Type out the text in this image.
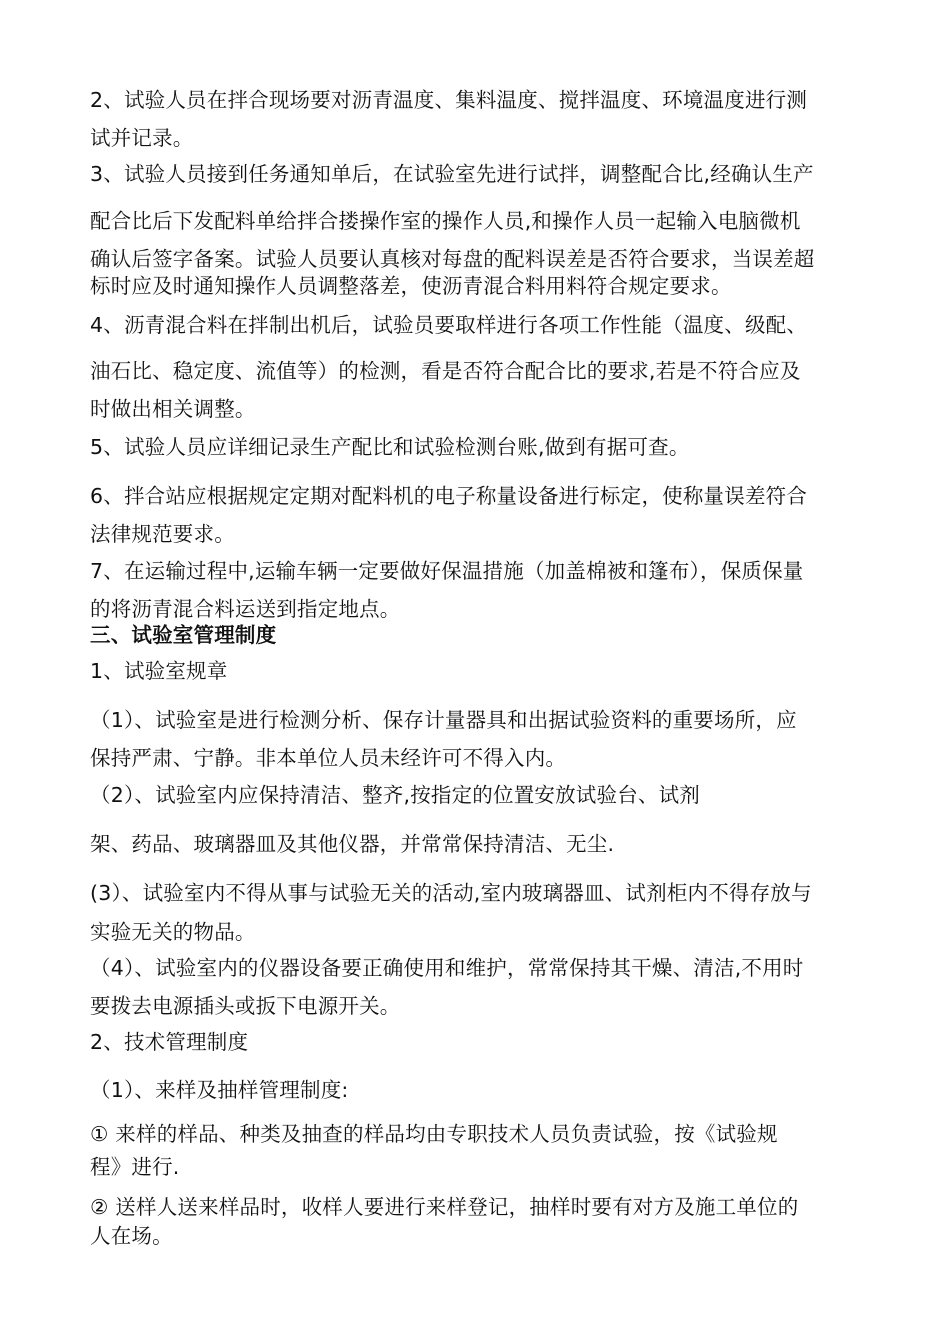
2、试验人员在拌合现场要对沥青温度、集料温度、搅拌温度、环境温度进行测
试并记录。
3、试验人员接到任务通知单后，在试验室先进行试拌，调整配合比,经确认生产
配合比后下发配料单给拌合搂操作室的操作人员,和操作人员一起输入电脑微机
确认后签字备案。试验人员要认真核对每盘的配料误差是否符合要求，当误差超
标时应及时通知操作人员调整落差，使沥青混合料用料符合规定要求。
4、沥青混合料在拌制出机后，试验员要取样进行各项工作性能（温度、级配、
油石比、稳定度、流值等）的检测，看是否符合配合比的要求,若是不符合应及
时做出相关调整。
5、试验人员应详细记录生产配比和试验检测台账,做到有据可查。
6、拌合站应根据规定定期对配料机的电子称量设备进行标定，使称量误差符合
法律规范要求。
7、在运输过程中,运输车辆一定要做好保温措施（加盖棉被和篷布），保质保量
的将沥青混合料运送到指定地点。
三、试验室管理制度
1、试验室规章
（1）、试验室是进行检测分析、保存计量器具和出据试验资料的重要场所，应
保持严肃、宁静。非本单位人员未经许可不得入内。
（2）、试验室内应保持清洁、整齐,按指定的位置安放试验台、试剂
架、药品、玻璃器皿及其他仪器，并常常保持清洁、无尘.
(3）、试验室内不得从事与试验无关的活动,室内玻璃器皿、试剂柜内不得存放与
实验无关的物品。
（4）、试验室内的仪器设备要正确使用和维护，常常保持其干燥、清洁,不用时
要拨去电源插头或扳下电源开关。
2、技术管理制度
（1）、来样及抽样管理制度:
① 来样的样品、种类及抽查的样品均由专职技术人员负责试验，按《试验规
程》进行.
② 送样人送来样品时，收样人要进行来样登记，抽样时要有对方及施工单位的
人在场。
